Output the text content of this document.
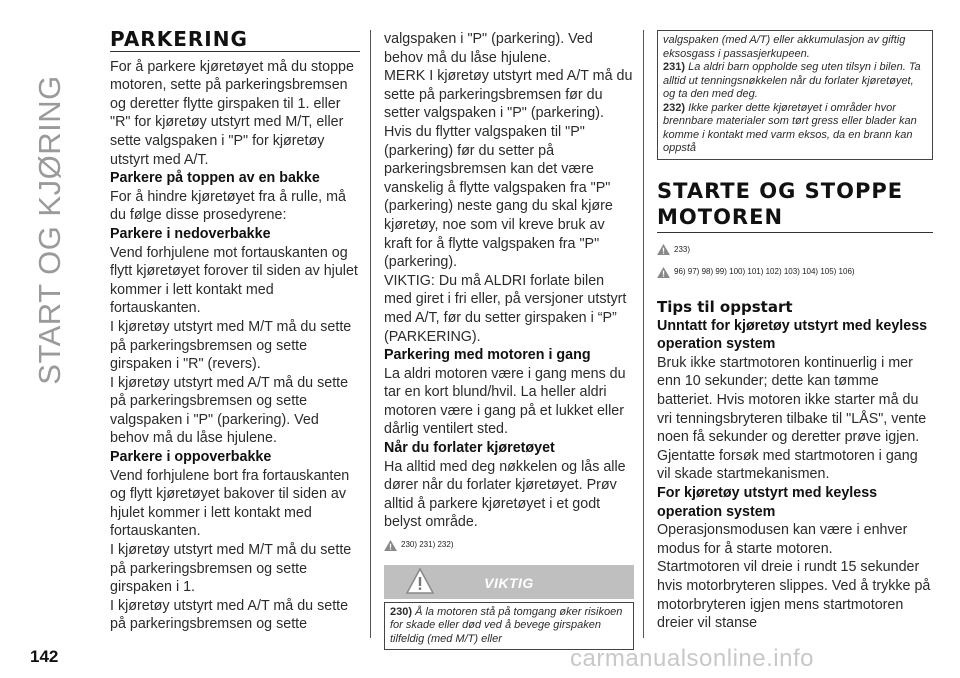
START OG KJØRING
PARKERING

For å parkere kjøretøyet må du stoppe motoren, sette på parkeringsbremsen og deretter flytte girspaken til 1. eller "R" for kjøretøy utstyrt med M/T, eller sette valgspaken i "P" for kjøretøy utstyrt med A/T.

Parkere på toppen av en bakke

For å hindre kjøretøyet fra å rulle, må du følge disse prosedyrene:

Parkere i nedoverbakke

Vend forhjulene mot fortauskanten og flytt kjøretøyet forover til siden av hjulet kommer i lett kontakt med fortauskanten.

I kjøretøy utstyrt med M/T må du sette på parkeringsbremsen og sette girspaken i "R" (revers).

I kjøretøy utstyrt med A/T må du sette på parkeringsbremsen og sette valgspaken i "P" (parkering). Ved behov må du låse hjulene.

Parkere i oppoverbakke

Vend forhjulene bort fra fortauskanten og flytt kjøretøyet bakover til siden av hjulet kommer i lett kontakt med fortauskanten.

I kjøretøy utstyrt med M/T må du sette på parkeringsbremsen og sette girspaken i 1.

I kjøretøy utstyrt med A/T må du sette på parkeringsbremsen og sette

valgspaken i "P" (parkering). Ved behov må du låse hjulene.

MERK I kjøretøy utstyrt med A/T må du sette på parkeringsbremsen før du setter valgspaken i "P" (parkering). Hvis du flytter valgspaken til "P" (parkering) før du setter på parkeringsbremsen kan det være vanskelig å flytte valgspaken fra "P" (parkering) neste gang du skal kjøre kjøretøy, noe som vil kreve bruk av kraft for å flytte valgspaken fra "P" (parkering).

VIKTIG: Du må ALDRI forlate bilen med giret i fri eller, på versjoner utstyrt med A/T, før du setter girspaken i “P” (PARKERING).

Parkering med motoren i gang

La aldri motoren være i gang mens du tar en kort blund/hvil. La heller aldri motoren være i gang på et lukket eller dårlig ventilert sted.

Når du forlater kjøretøyet

Ha alltid med deg nøkkelen og lås alle dører når du forlater kjøretøyet. Prøv alltid å parkere kjøretøyet i et godt belyst område.

230) 231) 232)
VIKTIG
230) Å la motoren stå på tomgang øker risikoen for skade eller død ved å bevege girspaken tilfeldig (med M/T) eller
valgspaken (med A/T) eller akkumulasjon av giftig eksosgass i passasjerkupeen.
231) La aldri barn oppholde seg uten tilsyn i bilen. Ta alltid ut tenningsnøkkelen når du forlater kjøretøyet, og ta den med deg.
232) Ikke parker dette kjøretøyet i områder hvor brennbare materialer som tørt gress eller blader kan komme i kontakt med varm eksos, da en brann kan oppstå
STARTE OG STOPPE MOTOREN
233)
96) 97) 98) 99) 100) 101) 102) 103) 104) 105) 106)

Tips til oppstart

Unntatt for kjøretøy utstyrt med keyless operation system

Bruk ikke startmotoren kontinuerlig i mer enn 10 sekunder; dette kan tømme batteriet. Hvis motoren ikke starter må du vri tenningsbryteren tilbake til "LÅS", vente noen få sekunder og deretter prøve igjen. Gjentatte forsøk med startmotoren i gang vil skade startmekanismen.

For kjøretøy utstyrt med keyless operation system

Operasjonsmodusen kan være i enhver modus for å starte motoren.

Startmotoren vil dreie i rundt 15 sekunder hvis motorbryteren slippes. Ved å trykke på motorbryteren igjen mens startmotoren dreier vil stanse

142	carmanualsonline.info
